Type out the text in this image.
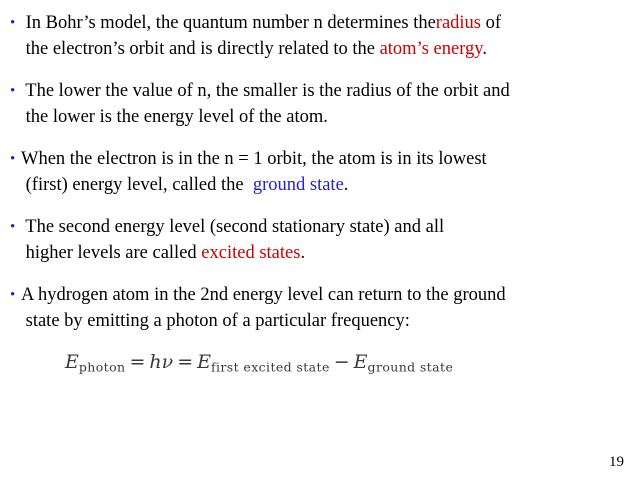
• In Bohr’s model, the quantum number n determines theradius of
the electron’s orbit and is directly related to the atom’s energy.
• The lower the value of n, the smaller is the radius of the orbit and
the lower is the energy level of the atom.
• When the electron is in the n = 1 orbit, the atom is in its lowest
(first) energy level, called the  ground state.
• The second energy level (second stationary state) and all
higher levels are called excited states.
• A hydrogen atom in the 2nd energy level can return to the ground
state by emitting a photon of a particular frequency:
$E_{photon} = h\nu = E_{first excited state} - E_{ground state}$
19
